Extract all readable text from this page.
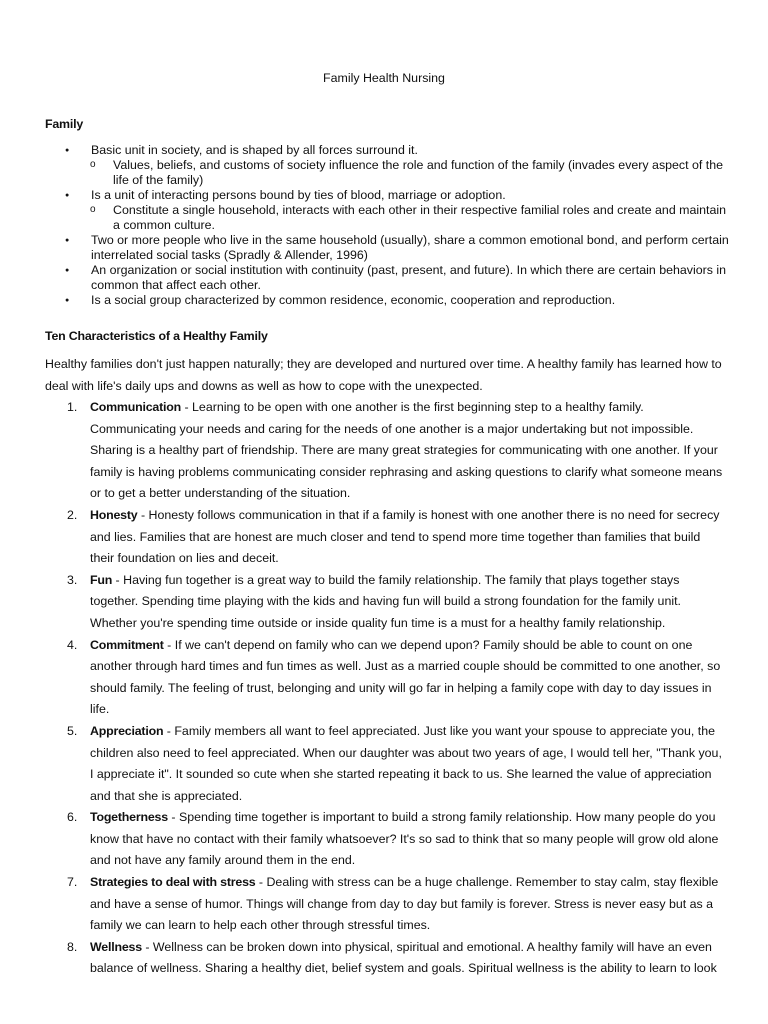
Family Health Nursing
Family
● Basic unit in society, and is shaped by all forces surround it.
o Values, beliefs, and customs of society influence the role and function of the family (invades every aspect of the life of the family)
● Is a unit of interacting persons bound by ties of blood, marriage or adoption.
o Constitute a single household, interacts with each other in their respective familial roles and create and maintain a common culture.
● Two or more people who live in the same household (usually), share a common emotional bond, and perform certain interrelated social tasks (Spradly & Allender, 1996)
● An organization or social institution with continuity (past, present, and future). In which there are certain behaviors in common that affect each other.
● Is a social group characterized by common residence, economic, cooperation and reproduction.
Ten Characteristics of a Healthy Family
Healthy families don't just happen naturally; they are developed and nurtured over time. A healthy family has learned how to deal with life's daily ups and downs as well as how to cope with the unexpected.
1. Communication - Learning to be open with one another is the first beginning step to a healthy family. Communicating your needs and caring for the needs of one another is a major undertaking but not impossible. Sharing is a healthy part of friendship. There are many great strategies for communicating with one another. If your family is having problems communicating consider rephrasing and asking questions to clarify what someone means or to get a better understanding of the situation.
2. Honesty - Honesty follows communication in that if a family is honest with one another there is no need for secrecy and lies. Families that are honest are much closer and tend to spend more time together than families that build their foundation on lies and deceit.
3. Fun - Having fun together is a great way to build the family relationship. The family that plays together stays together. Spending time playing with the kids and having fun will build a strong foundation for the family unit. Whether you're spending time outside or inside quality fun time is a must for a healthy family relationship.
4. Commitment - If we can't depend on family who can we depend upon? Family should be able to count on one another through hard times and fun times as well. Just as a married couple should be committed to one another, so should family. The feeling of trust, belonging and unity will go far in helping a family cope with day to day issues in life.
5. Appreciation - Family members all want to feel appreciated. Just like you want your spouse to appreciate you, the children also need to feel appreciated. When our daughter was about two years of age, I would tell her, "Thank you, I appreciate it". It sounded so cute when she started repeating it back to us. She learned the value of appreciation and that she is appreciated.
6. Togetherness - Spending time together is important to build a strong family relationship. How many people do you know that have no contact with their family whatsoever? It's so sad to think that so many people will grow old alone and not have any family around them in the end.
7. Strategies to deal with stress - Dealing with stress can be a huge challenge. Remember to stay calm, stay flexible and have a sense of humor. Things will change from day to day but family is forever. Stress is never easy but as a family we can learn to help each other through stressful times.
8. Wellness - Wellness can be broken down into physical, spiritual and emotional. A healthy family will have an even balance of wellness. Sharing a healthy diet, belief system and goals. Spiritual wellness is the ability to learn to look
